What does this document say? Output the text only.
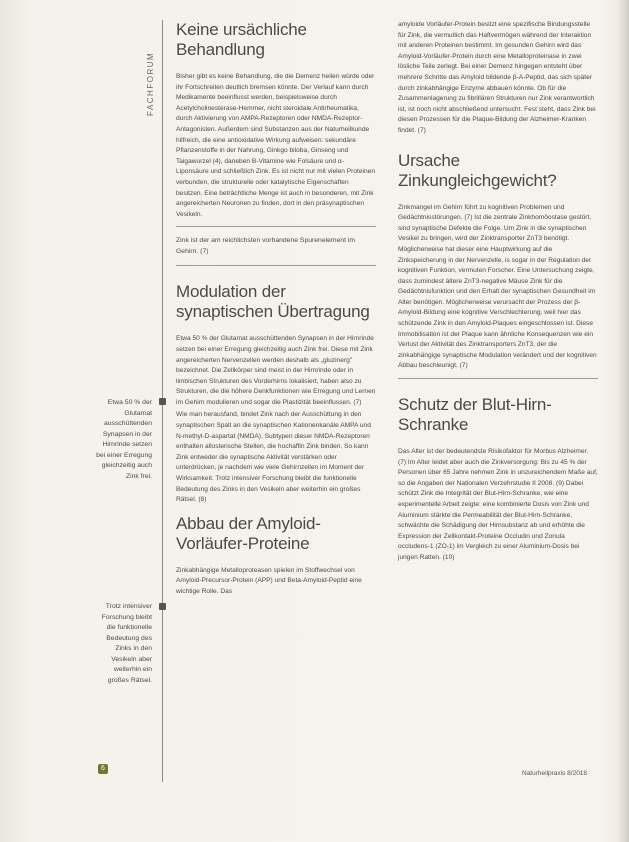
FACHFORUM
Etwa 50 % der Glutamat ausschüttenden Synapsen in der Hirnrinde setzen bei einer Erregung gleichzeitig auch Zink frei.
Trotz intensiver Forschung bleibt die funktionelle Bedeutung des Zinks in den Vesikeln aber weiterhin ein großes Rätsel.
Keine ursächliche Behandlung

Bisher gibt es keine Behandlung, die die Demenz heilen würde oder ihr Fortschreiten deutlich bremsen könnte. Der Verlauf kann durch Medikamente beeinflusst werden, beispielsweise durch Acetylcholinesterase-Hemmer, nicht steroidale Antirheumatika, durch Aktivierung von AMPA-Rezeptoren oder NMDA-Rezeptor-Antagonisten. Außerdem sind Substanzen aus der Naturheilkunde hilfreich, die eine antioxidative Wirkung aufweisen: sekundäre Pflanzenstoffe in der Nahrung, Ginkgo biloba, Ginseng und Taigawurzel (4), daneben B-Vitamine wie Folsäure und α-Liponsäure und schließlich Zink. Es ist nicht nur mit vielen Proteinen verbunden, die strukturelle oder katalytische Eigenschaften besitzen. Eine beträchtliche Menge ist auch in besonderen, mit Zink angereicherten Neuronen zu finden, dort in den präsynaptischen Vesikeln.

Zink ist der am reichlichsten vorhandene Spurenelement im Gehirn. (7)
Modulation der synaptischen Übertragung

Etwa 50 % der Glutamat ausschüttenden Synapsen in der Hirnrinde setzen bei einer Erregung gleichzeitig auch Zink frei. Diese mit Zink angereicherten Nervenzellen werden deshalb als „gluzinerg" bezeichnet. Die Zellkörper sind meist in der Hirnrinde oder in limbischen Strukturen des Vorderhirns lokalisiert, haben also zu Strukturen, die die höhere Denkfunktionen wie Erregung und Lernen im Gehirn modulieren und sogar die Plastizität beeinflussen. (7)

Wie man herausfand, bindet Zink nach der Ausschüttung in den synaptischen Spalt an die synaptischen Kationenkanäle AMPA und N-methyl-D-aspartat (NMDA). Subtypen dieser NMDA-Rezeptoren enthalten allosterische Stellen, die hochaffin Zink binden. So kann Zink entweder die synaptische Aktivität verstärken oder unterdrücken, je nachdem wie viele Gehirnzellen im Moment der Wirksamkeit. Trotz intensiver Forschung bleibt die funktionelle Bedeutung des Zinks in den Vesikeln aber weiterhin ein großes Rätsel. (8)

Abbau der Amyloid-Vorläufer-Proteine

Zinkabhängige Metalloproteasen spielen im Stoffwechsel von Amyloid-Precursor-Protein (APP) und Beta-Amyloid-Peptid eine wichtige Rolle. Das

amyloide Vorläufer-Protein besitzt eine spezifische Bindungsstelle für Zink, die vermutlich das Haftvermögen während der Interaktion mit anderen Proteinen bestimmt. Im gesunden Gehirn wird das Amyloid-Vorläufer-Protein durch eine Metalloproteinase in zwei lösliche Teile zerlegt. Bei einer Demenz hingegen entsteht über mehrere Schritte das Amyloid bildende β-A-Peptid, das sich später durch zinkabhängige Enzyme abbauen könnte. Ob für die Zusammenlagerung zu fibrillären Strukturen nur Zink verantwortlich ist, ist noch nicht abschließend untersucht. Fest steht, dass Zink bei diesen Prozessen für die Plaque-Bildung der Alzheimer-Kranken findet. (7)

Ursache Zinkungleichgewicht?

Zinkmangel im Gehirn führt zu kognitiven Problemen und Gedächtnisstörungen. (7) Ist die zentrale Zinkhomöostase gestört, sind synaptische Defekte die Folge. Um Zink in die synaptischen Vesikel zu bringen, wird der Zinktransporter ZnT3 benötigt. Möglicherweise hat dieser eine Hauptwirkung auf die Zinkspeicherung in der Nervenzelle, is sogar in der Regulation der kognitiven Funktion, vermuten Forscher. Eine Untersuchung zeigte, dass zumindest ältere ZnT3-negative Mäuse Zink für die Gedächtnisfunktion und den Erhalt der synaptischen Gesundheit im Alter benötigen. Möglicherweise verursacht der Prozess der β-Amyloid-Bildung eine kognitive Verschlechterung, weil hier das schützende Zink in den Amyloid-Plaques eingeschlossen ist. Diese Immobilisation ist der Plaque kann ähnliche Konsequenzen wie ein Verlust der Aktivität des Zinktransporters ZnT3, der die zinkabhängige synaptische Modulation verändert und der kognitiven Abbau beschleunigt. (7)

Schutz der Blut-Hirn-Schranke

Das Alter ist der bedeutendste Risikofaktor für Morbus Alzheimer. (7) Im Alter leidet aber auch die Zinkversorgung: Bis zu 45 % der Personen über 65 Jahre nehmen Zink in unzureichendem Maße auf, so die Angaben der Nationalen Verzehrstudie II 2008. (9) Dabei schützt Zink die Integrität der Blut-Hirn-Schranke, wie eine experimentelle Arbeit zeigte: eine kombinierte Dosis von Zink und Aluminium stärkte die Permeabilität der Blut-Hirn-Schranke, schwächte die Schädigung der Hirnsubstanz ab und erhöhte die Expression der Zellkontakt-Proteine Occludin und Zonula occludens-1 (ZO-1) im Vergleich zu einer Aluminium-Dosis bei jungen Ratten. (10)

6
Naturheilpraxis 8/2018
